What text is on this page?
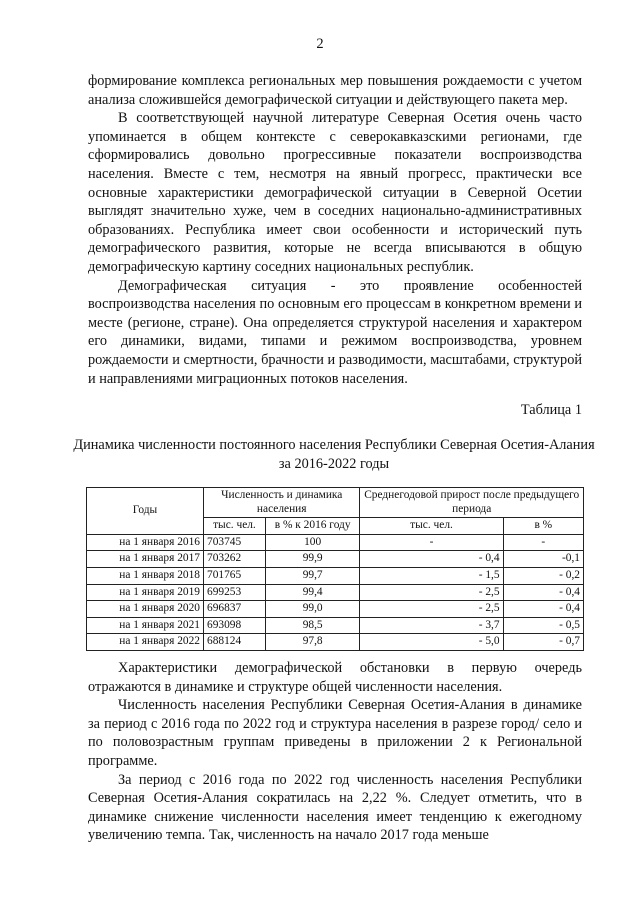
2

формирование комплекса региональных мер повышения рождаемости с учетом анализа сложившейся демографической ситуации и действующего пакета мер.

В соответствующей научной литературе Северная Осетия очень часто упоминается в общем контексте с северокавказскими регионами, где сформировались довольно прогрессивные показатели воспроизводства населения. Вместе с тем, несмотря на явный прогресс, практически все основные характеристики демографической ситуации в Северной Осетии выглядят значительно хуже, чем в соседних национально-административных образованиях. Республика имеет свои особенности и исторический путь демографического развития, которые не всегда вписываются в общую демографическую картину соседних национальных республик.

Демографическая ситуация - это проявление особенностей воспроизводства населения по основным его процессам в конкретном времени и месте (регионе, стране). Она определяется структурой населения и характером его динамики, видами, типами и режимом воспроизводства, уровнем рождаемости и смертности, брачности и разводимости, масштабами, структурой и направлениями миграционных потоков населения.

Таблица 1
Динамика численности постоянного населения Республики Северная Осетия-Алания за 2016-2022 годы
Годы	Численность и динамика населения		Среднегодовой прирост после предыдущего периода	
	тыс. чел.	в % к 2016 году	тыс. чел.	в %
на 1 января 2016	703745	100	-	-
на 1 января 2017	703262	99,9	- 0,4	-0,1
на 1 января 2018	701765	99,7	- 1,5	- 0,2
на 1 января 2019	699253	99,4	- 2,5	- 0,4
на 1 января 2020	696837	99,0	- 2,5	- 0,4
на 1 января 2021	693098	98,5	- 3,7	- 0,5
на 1 января 2022	688124	97,8	- 5,0	- 0,7

Характеристики демографической обстановки в первую очередь отражаются в динамике и структуре общей численности населения.

Численность населения Республики Северная Осетия-Алания в динамике за период с 2016 года по 2022 год и структура населения в разрезе город/ село и по половозрастным группам приведены в приложении 2 к Региональной программе.

За период с 2016 года по 2022 год численность населения Республики Северная Осетия-Алания сократилась на 2,22 %. Следует отметить, что в динамике снижение численности населения имеет тенденцию к ежегодному увеличению темпа. Так, численность на начало 2017 года меньше
